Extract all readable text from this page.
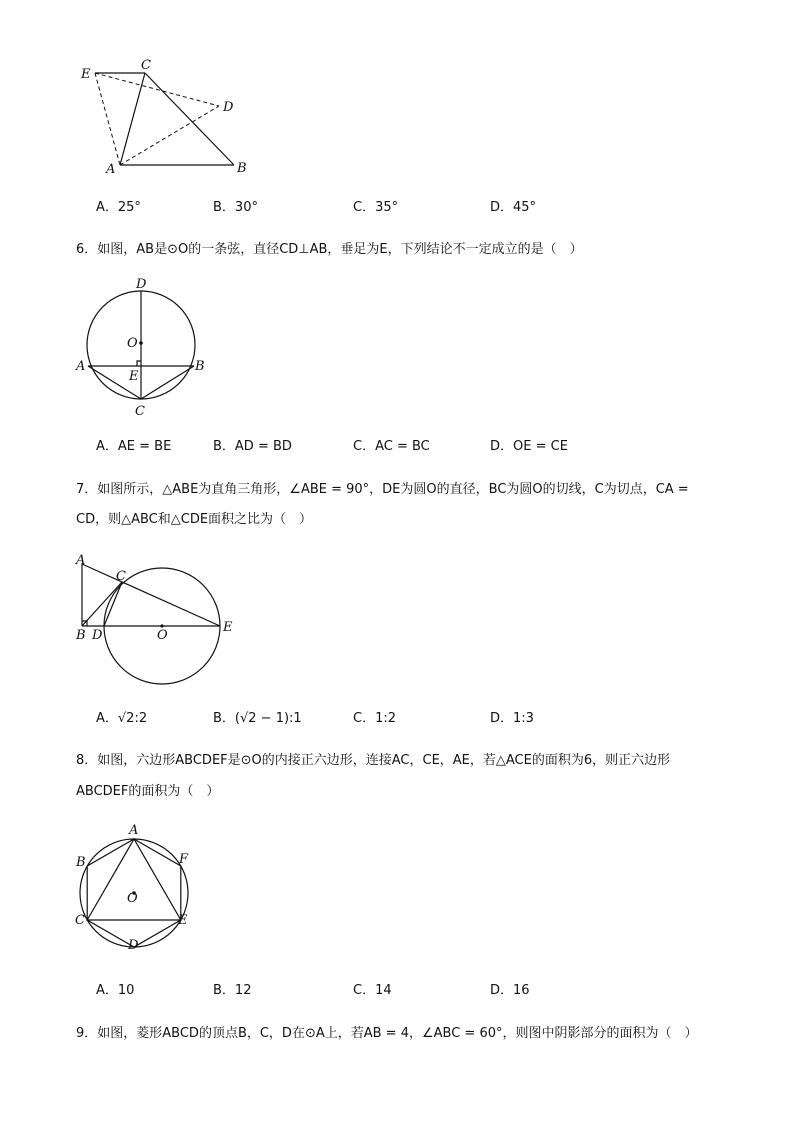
E
C
D
A	B
A．25°	B．30°	C．35°	D．45°
6．如图，AB是⊙O的一条弦，直径CD⊥AB，垂足为E，下列结论不一定成立的是（　）
D
O
A	B
E
C
A．AE = BE	B．AD = BD	C．AC = BC	D．OE = CE
7．如图所示，△ABE为直角三角形，∠ABE = 90°，DE为圆O的直径，BC为圆O的切线，C为切点，CA =
CD，则△ABC和△CDE面积之比为（　）
A
C
B D	O
E
A．√2:2	B．(√2 − 1):1	C．1:2	D．1:3
8．如图，六边形ABCDEF是⊙O的内接正六边形，连接AC，CE，AE，若△ACE的面积为6，则正六边形
ABCDEF的面积为（　）
A
B	F
O
C	E
D
A．10	B．12	C．14	D．16
9．如图，菱形ABCD的顶点B，C，D在⊙A上，若AB = 4，∠ABC = 60°，则图中阴影部分的面积为（　）
